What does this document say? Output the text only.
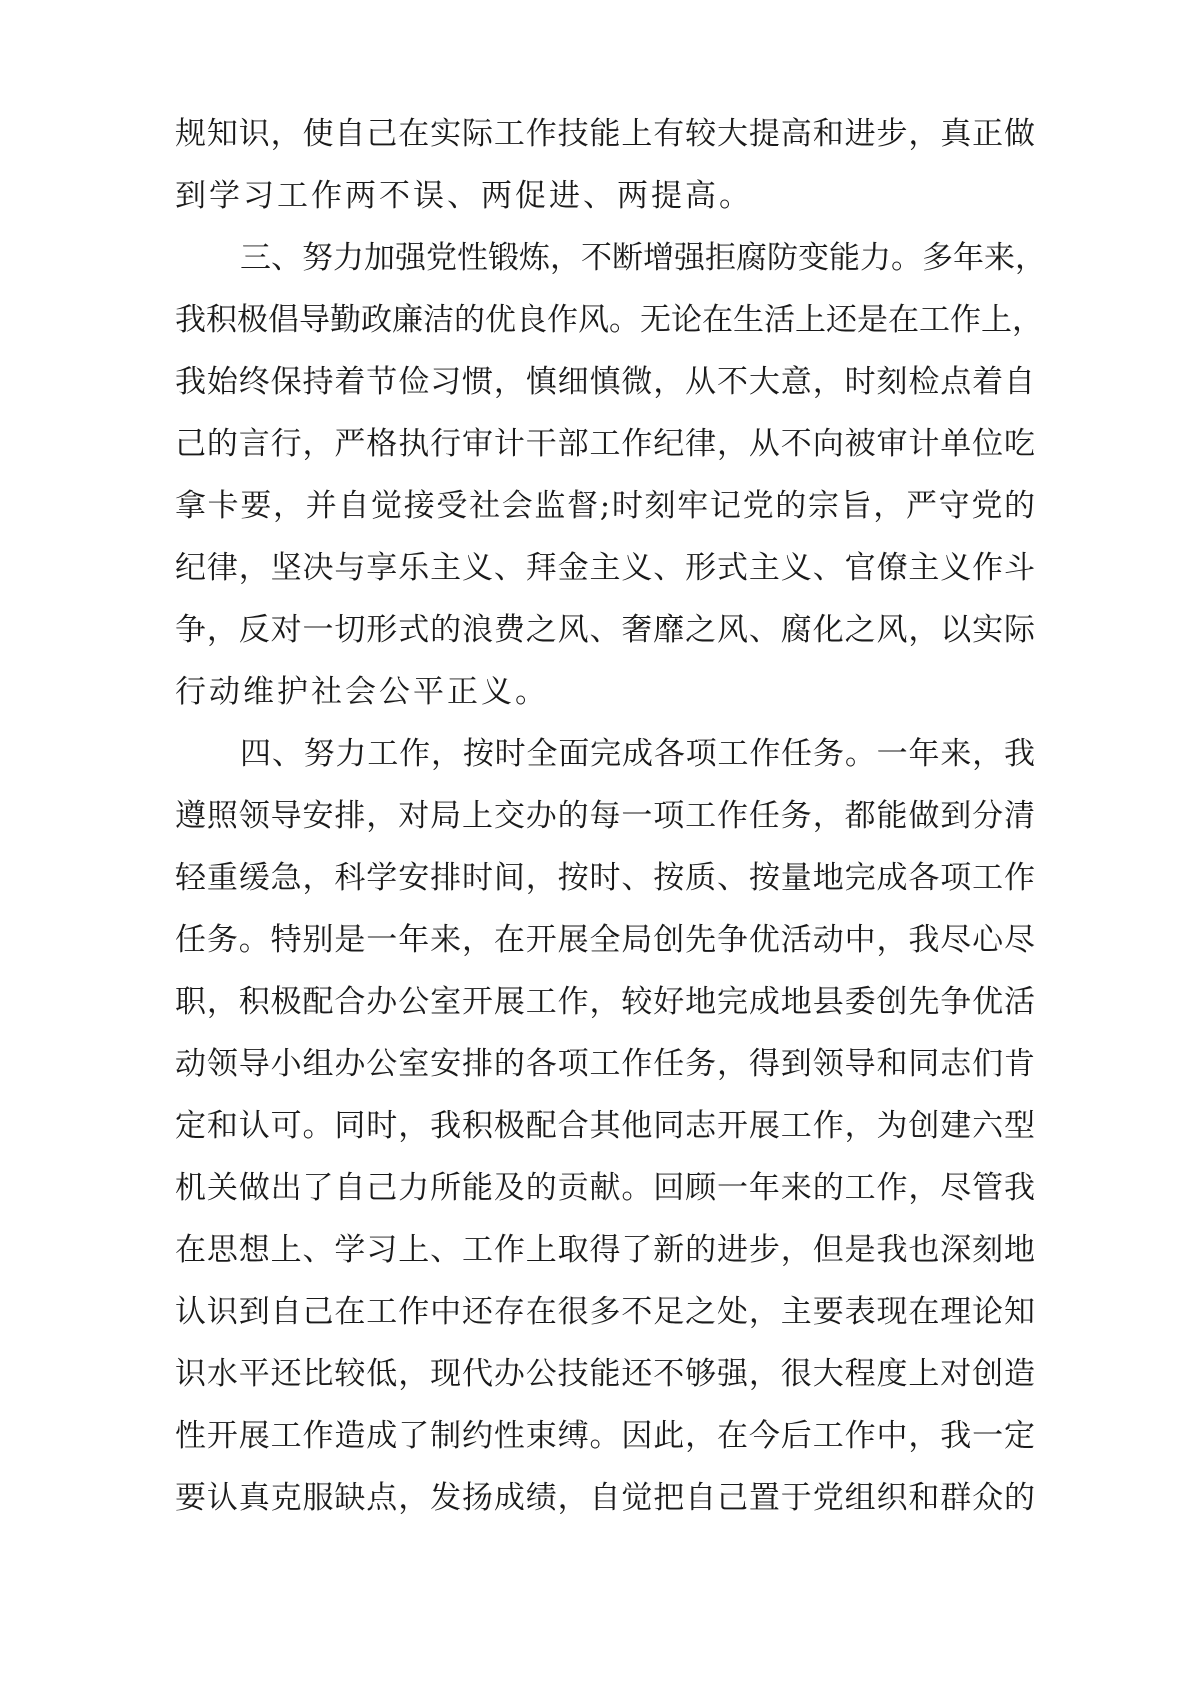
规知识，使自己在实际工作技能上有较大提高和进步，真正做
到学习工作两不误、两促进、两提高。
三、努力加强党性锻炼，不断增强拒腐防变能力。多年来，
我积极倡导勤政廉洁的优良作风。无论在生活上还是在工作上，
我始终保持着节俭习惯，慎细慎微，从不大意，时刻检点着自
己的言行，严格执行审计干部工作纪律，从不向被审计单位吃
拿卡要，并自觉接受社会监督;时刻牢记党的宗旨，严守党的
纪律，坚决与享乐主义、拜金主义、形式主义、官僚主义作斗
争，反对一切形式的浪费之风、奢靡之风、腐化之风，以实际
行动维护社会公平正义。
四、努力工作，按时全面完成各项工作任务。一年来，我
遵照领导安排，对局上交办的每一项工作任务，都能做到分清
轻重缓急，科学安排时间，按时、按质、按量地完成各项工作
任务。特别是一年来，在开展全局创先争优活动中，我尽心尽
职，积极配合办公室开展工作，较好地完成地县委创先争优活
动领导小组办公室安排的各项工作任务，得到领导和同志们肯
定和认可。同时，我积极配合其他同志开展工作，为创建六型
机关做出了自己力所能及的贡献。回顾一年来的工作，尽管我
在思想上、学习上、工作上取得了新的进步，但是我也深刻地
认识到自己在工作中还存在很多不足之处，主要表现在理论知
识水平还比较低，现代办公技能还不够强，很大程度上对创造
性开展工作造成了制约性束缚。因此，在今后工作中，我一定
要认真克服缺点，发扬成绩，自觉把自己置于党组织和群众的
